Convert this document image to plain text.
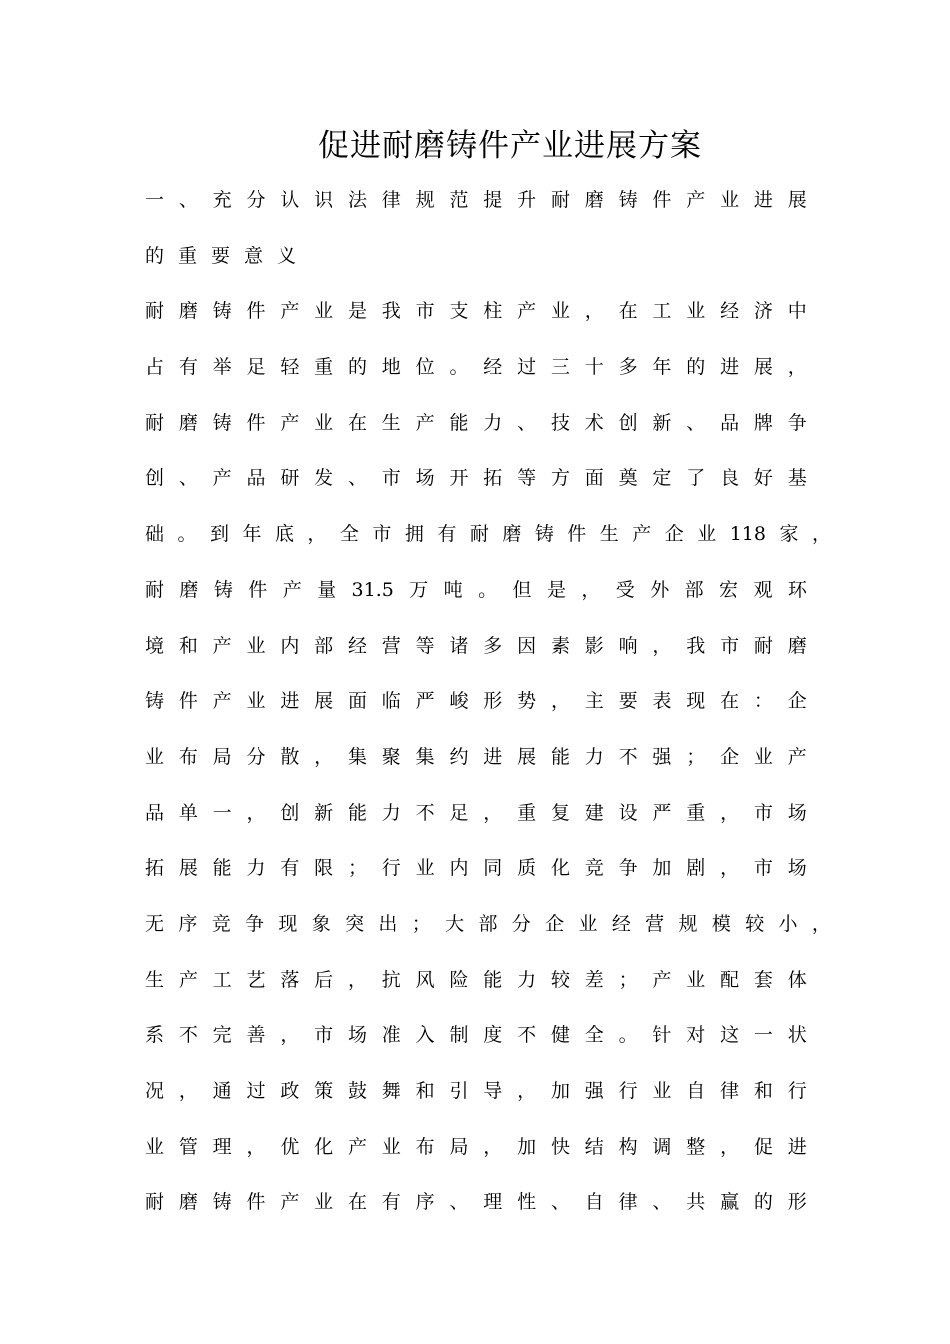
促进耐磨铸件产业进展方案
一 、 充 分 认 识 法 律 规 范 提 升 耐 磨 铸 件 产 业 进 展
的重要意义
耐 磨 铸 件 产 业 是 我 市 支 柱 产 业 ， 在 工 业 经 济 中
占 有 举 足 轻 重 的 地 位 。 经 过 三 十 多 年 的 进 展 ，
耐 磨 铸 件 产 业 在 生 产 能 力 、 技 术 创 新 、 品 牌 争
创 、 产 品 研 发 、 市 场 开 拓 等 方 面 奠 定 了 良 好 基
础 。 到 年 底 ， 全 市 拥 有 耐 磨 铸 件 生 产 企 业 118 家 ，
耐 磨 铸 件 产 量 31.5 万 吨 。 但 是 ， 受 外 部 宏 观 环
境 和 产 业 内 部 经 营 等 诸 多 因 素 影 响 ， 我 市 耐 磨
铸 件 产 业 进 展 面 临 严 峻 形 势 ， 主 要 表 现 在 ： 企
业 布 局 分 散 ， 集 聚 集 约 进 展 能 力 不 强 ； 企 业 产
品 单 一 ， 创 新 能 力 不 足 ， 重 复 建 设 严 重 ， 市 场
拓 展 能 力 有 限 ； 行 业 内 同 质 化 竞 争 加 剧 ， 市 场
无 序 竞 争 现 象 突 出 ； 大 部 分 企 业 经 营 规 模 较 小 ，
生 产 工 艺 落 后 ， 抗 风 险 能 力 较 差 ； 产 业 配 套 体
系 不 完 善 ， 市 场 准 入 制 度 不 健 全 。 针 对 这 一 状
况 ， 通 过 政 策 鼓 舞 和 引 导 ， 加 强 行 业 自 律 和 行
业 管 理 ， 优 化 产 业 布 局 ， 加 快 结 构 调 整 ， 促 进
耐 磨 铸 件 产 业 在 有 序 、 理 性 、 自 律 、 共 赢 的 形
